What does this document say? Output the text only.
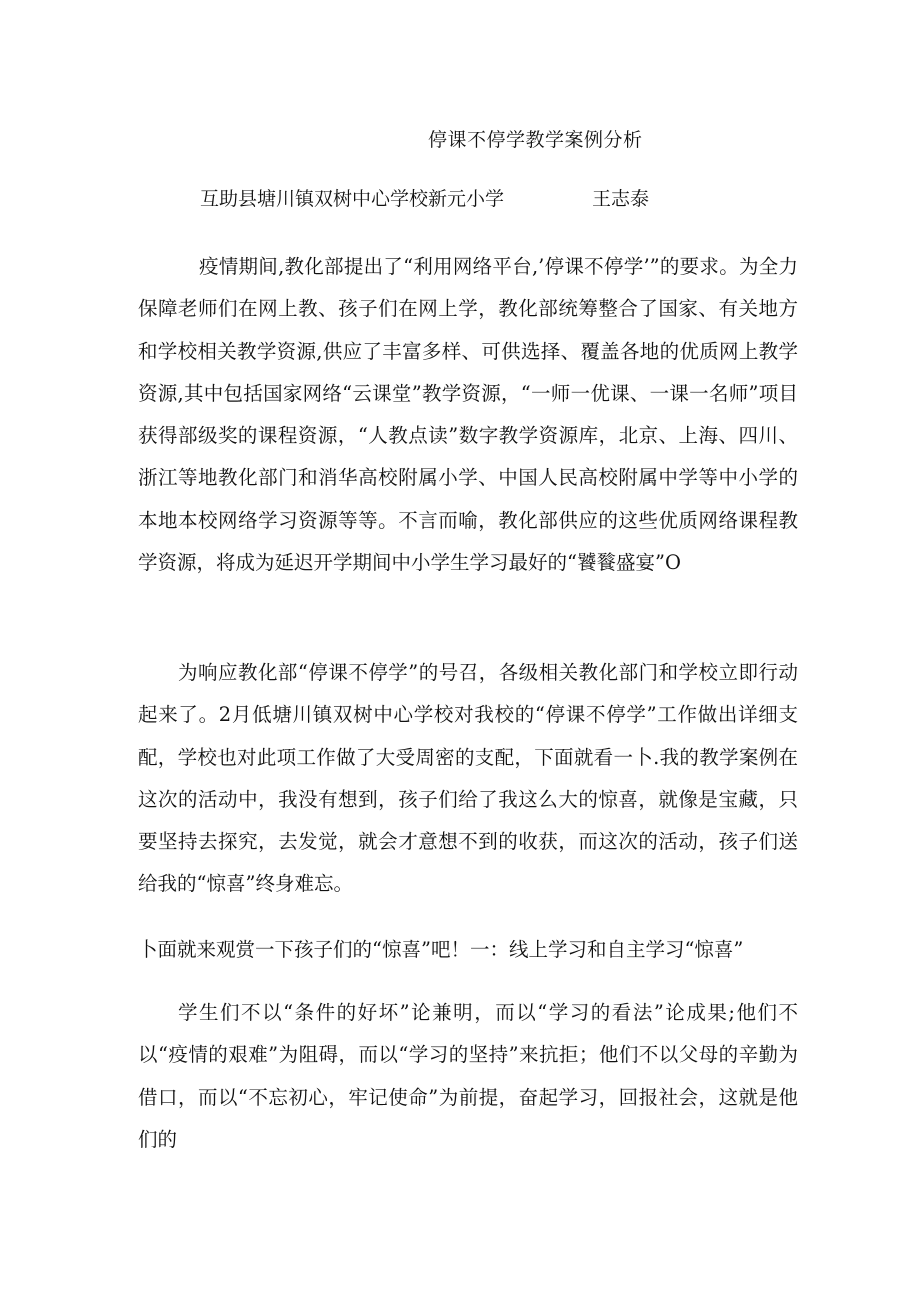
停课不停学教学案例分析
互助县塘川镇双树中心学校新元小学	王志泰

疫情期间,教化部提出了“利用网络平台,’停课不停学’”的要求。为全力保障老师们在网上教、孩子们在网上学，教化部统筹整合了国家、有关地方和学校相关教学资源,供应了丰富多样、可供选择、覆盖各地的优质网上教学资源,其中包括国家网络“云课堂”教学资源，“一师一优课、一课一名师”项目获得部级奖的课程资源，“人教点读”数字教学资源库，北京、上海、四川、浙江等地教化部门和消华高校附属小学、中国人民高校附属中学等中小学的本地本校网络学习资源等等。不言而喻，教化部供应的这些优质网络课程教学资源，将成为延迟开学期间中小学生学习最好的“饕餮盛宴”O

为响应教化部“停课不停学”的号召，各级相关教化部门和学校立即行动起来了。2月低塘川镇双树中心学校对我校的“停课不停学”工作做出详细支配，学校也对此项工作做了大受周密的支配，下面就看一卜.我的教学案例在这次的活动中，我没有想到，孩子们给了我这么大的惊喜，就像是宝藏，只要坚持去探究，去发觉，就会才意想不到的收获，而这次的活动，孩子们送给我的“惊喜”终身难忘。

卜面就来观赏一下孩子们的“惊喜”吧！一：线上学习和自主学习“惊喜”

学生们不以“条件的好坏”论兼明，而以“学习的看法”论成果;他们不以“疫情的艰难”为阻碍，而以“学习的坚持”来抗拒；他们不以父母的辛勤为借口，而以“不忘初心，牢记使命”为前提，奋起学习，回报社会，这就是他们的
